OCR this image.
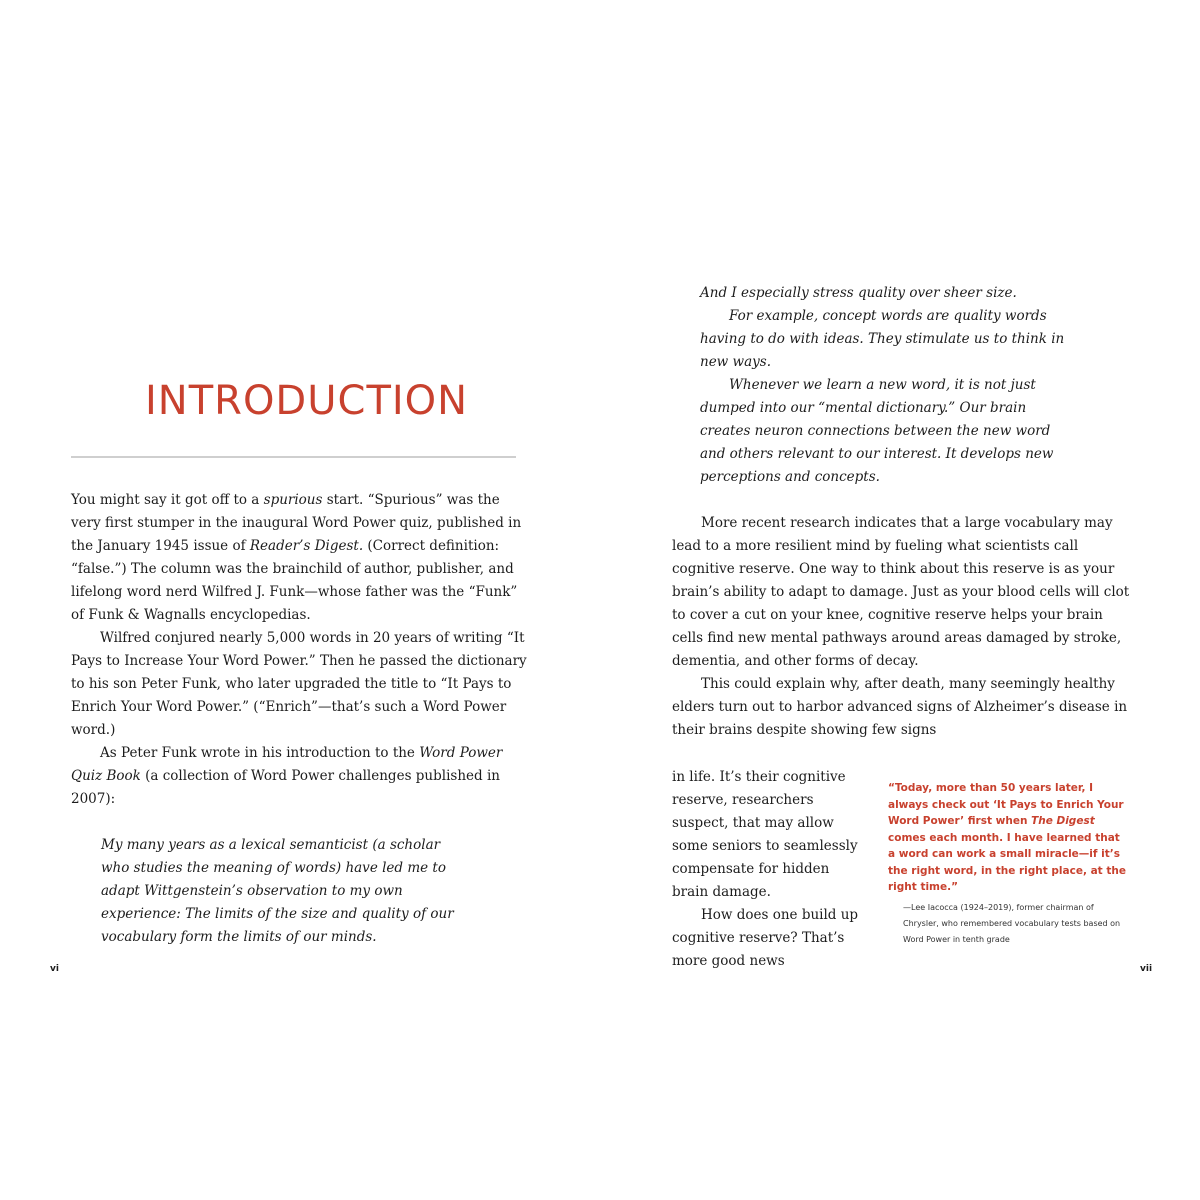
INTRODUCTION

You might say it got off to a spurious start. “Spurious” was the very first stumper in the inaugural Word Power quiz, published in the January 1945 issue of Reader’s Digest. (Correct definition: “false.”) The column was the brainchild of author, publisher, and lifelong word nerd Wilfred J. Funk—whose father was the “Funk” of Funk & Wagnalls encyclopedias.

Wilfred conjured nearly 5,000 words in 20 years of writing “It Pays to Increase Your Word Power.” Then he passed the dictionary to his son Peter Funk, who later upgraded the title to “It Pays to Enrich Your Word Power.” (“Enrich”—that’s such a Word Power word.)

As Peter Funk wrote in his introduction to the Word Power Quiz Book (a collection of Word Power challenges published in 2007):

My many years as a lexical semanticist (a scholar who studies the meaning of words) have led me to adapt Wittgenstein’s observation to my own experience: The limits of the size and quality of our vocabulary form the limits of our minds.

vi

And I especially stress quality over sheer size.

For example, concept words are quality words having to do with ideas. They stimulate us to think in new ways.

Whenever we learn a new word, it is not just dumped into our “mental dictionary.” Our brain creates neuron connections between the new word and others relevant to our interest. It develops new perceptions and concepts.

More recent research indicates that a large vocabulary may lead to a more resilient mind by fueling what scientists call cognitive reserve. One way to think about this reserve is as your brain’s ability to adapt to damage. Just as your blood cells will clot to cover a cut on your knee, cognitive reserve helps your brain cells find new mental pathways around areas damaged by stroke, dementia, and other forms of decay.

This could explain why, after death, many seemingly healthy elders turn out to harbor advanced signs of Alzheimer’s disease in their brains despite showing few signs

in life. It’s their cognitive reserve, researchers suspect, that may allow some seniors to seamlessly compensate for hidden brain damage.

How does one build up cognitive reserve? That’s more good news

“Today, more than 50 years later, I always check out ‘It Pays to Enrich Your Word Power’ first when The Digest comes each month. I have learned that a word can work a small miracle—if it’s the right word, in the right place, at the right time.”

—Lee Iacocca (1924–2019), former chairman of Chrysler, who remembered vocabulary tests based on Word Power in tenth grade

vii
